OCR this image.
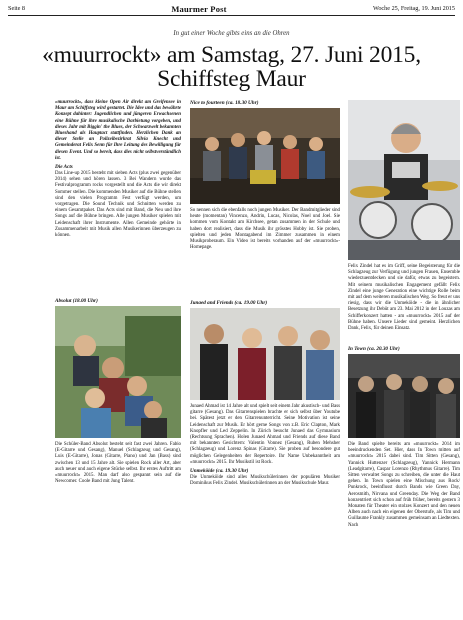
Seite 8	Maurmer Post	Woche 25, Freitag, 19. Juni 2015
In gut einer Woche gibts eins an die Ohren
«muurrockt» am Samstag, 27. Juni 2015, Schiffsteg Maur

«muurrockt», dass kleine Open Air direkt am Greifensee in Maur am Schiffsteg wird gestartet. Die Idee und das bewährte Konzept dahinter: Jugendlichen und jüngeren Erwachsenen eine Bühne für ihre musikalische Darbietung vorgeben, und dieses Jahr mit Biggin' the Blues, der Schwarzwelt bekannten Blueshand als Hauptact stattfinden. Herzlichen Dank an dieser Stelle an Polizeibezirkrat Silvia Knecht und Gemeinderat Felix Senn für Ihre Leitung des Bewilligung für diesen Event. Und so bereit, dass dies nicht selbstverständlich ist.

Die Acts

Das Line-up 2015 besteht mit sieben Acts (plus zwei gegenüber 2014) sehen und hören lassen. 3 Bei Wandern wurde das Festivalprogramm rocks vorgestellt und die Acts die wir direkt Sommer stellen. Die kommenden Musiker auf die Bühne stellen sind den vielen Programm Fest verfügt werden, um vorgetragen. Die Sound Technik und Schnitten werden zu einem Gesamtpaket. Das Acts sind mit Band, die Neu und ihre Songs auf die Bühne bringen. Alle jungen Musiker spielen mit Leidenschaft ihrer Instrumente. Allen Gemeinde gehörte in Zusammenarbeit mit Musik allen Musikerinnen überzeugen zu können.

Absolut (18.00 Uhr)

Die Schüler-Band Absolut besteht seit fast zwei Jahren. Fabio (E-Gitarre und Gesang), Manuel (Schlagzeug und Gesang), Luis (E-Gitarre), Jonas (Gitarre, Piano) und Jan (Bass) sind zwischen 13 und 15 Jahre alt. Sie spielen Rock aller Art, aber auch neuer und auch eigene Stücke selbst. Ihr erstes Auftritt am «muurrockt» 2015. Man darf also gespannt sein auf die Newcomer. Coole Band mit Jung Talent.

Nice to fourteen (ca. 18.30 Uhr)

So nennen sich die ebenfalls noch jungen Musiker. Der Bandmitglieder sind heute (momentan) Vincenzo, Andrin, Lucas, Nicolas, Noel und Joel. Sie kommen vom Kontakt am Kirchsee, getan zusammen in der Schule und haben dort realisiert, dass die Musik ihr grösstes Hobby ist. Sie proben, spielten und jeden Montagabend im Zimmer zusammen in einem Musikproberaum. Ein Video ist bereits vorhanden auf der «muurrockt»-Homepage.

Junaed and Friends (ca. 19.00 Uhr)

Junaed Ahmad ist 14 Jahre alt und spielt seit einem Jahr akustisch- und Bass gitarre (Gesang). Das Gitarrenspielen brachte er sich selbst über Youtube bei. Spätest jetzt er den Gitarrenunterricht. Seine Motivation ist seine Leidenschaft zur Musik. Er hört gerne Songs von z.B. Eric Clapton, Mark Knopfler und Led Zeppelin. In Zürich besucht Junaed das Gymnasium (Rechtsung Sprachen). Holen Junaed Ahmad und Friends auf diese Band mit bekannten Gesichtern: Valentin Vonnez (Gesang), Ruben Mehsher (Schlagzeug) und Lorenz Spinas (Gitarre). Sie proben auf besondere gut möglichen Gelegenheiten der Repertoire. Ihr Name Unbekanntheit am «muurrockt» 2015. Ihr Musikstil ist Rock.

Unmeköide (ca. 19.30 Uhr)

Die Unmeköide sind alles Musikschülerinnen der populären Musiker Dominikus Felix Zindel. Musikschülerinnen an der Musikschule Maur.

Felix Zindel hat es im Griff, seine Begeisterung für die Schlagzeug zur Verfügung und jungen Frauen, Ensemble wiederzuentdecken und sie dafür, etwas zu begeistern. Mit seinem musikalischen Engagement gefällt Felix Zindel eine junge Generation eine wichtige Rolle beim mit auf dem weiteren musikalischen Weg. So freut er uns riesig, dass wir die Unmeköide - die in ähnlicher Besetzung ihr Debüt am 23. Mai 2012 in der Louzas am Schifferkonzert hatten - am «muurrockt» 2015 auf der Bühne haben. Unsere Lieder sind gemeint. Herzlichen Dank, Felix, für deinen Einsatz.

In Town (ca. 20.30 Uhr)

Die Band spielte bereits am «muurrockt» 2014 im beeindruckenden Set. Hier, dass In Town mitten auf «muurrockt» 2015 dabei sind. Tim Sitten (Gesang), Yannick Huttenzer (Schlagzeug), Yannick Hermann (Leadgitarre), Caspar Lorenzo (Rhythmus Gitarre). Tim Sitten verwaltet Songs zu schreiben, die unter die Haut gehen. In Town spielen eine Mischung aus Rock/ Punkrock, beeinflusst durch Bands wie Green Day, Aerosmith, Nirvana und Greenday. Die Weg der Band konzentriert sich schon auf früh früher, bereits gestern 3 Monaten für Theater ein stolzes Konzert und den neuen Alben auch nach ein eigenen der Oberstufe, als Tim und Guillaume Frankly zusammen gemeinsam an Liedtexten. Nach
